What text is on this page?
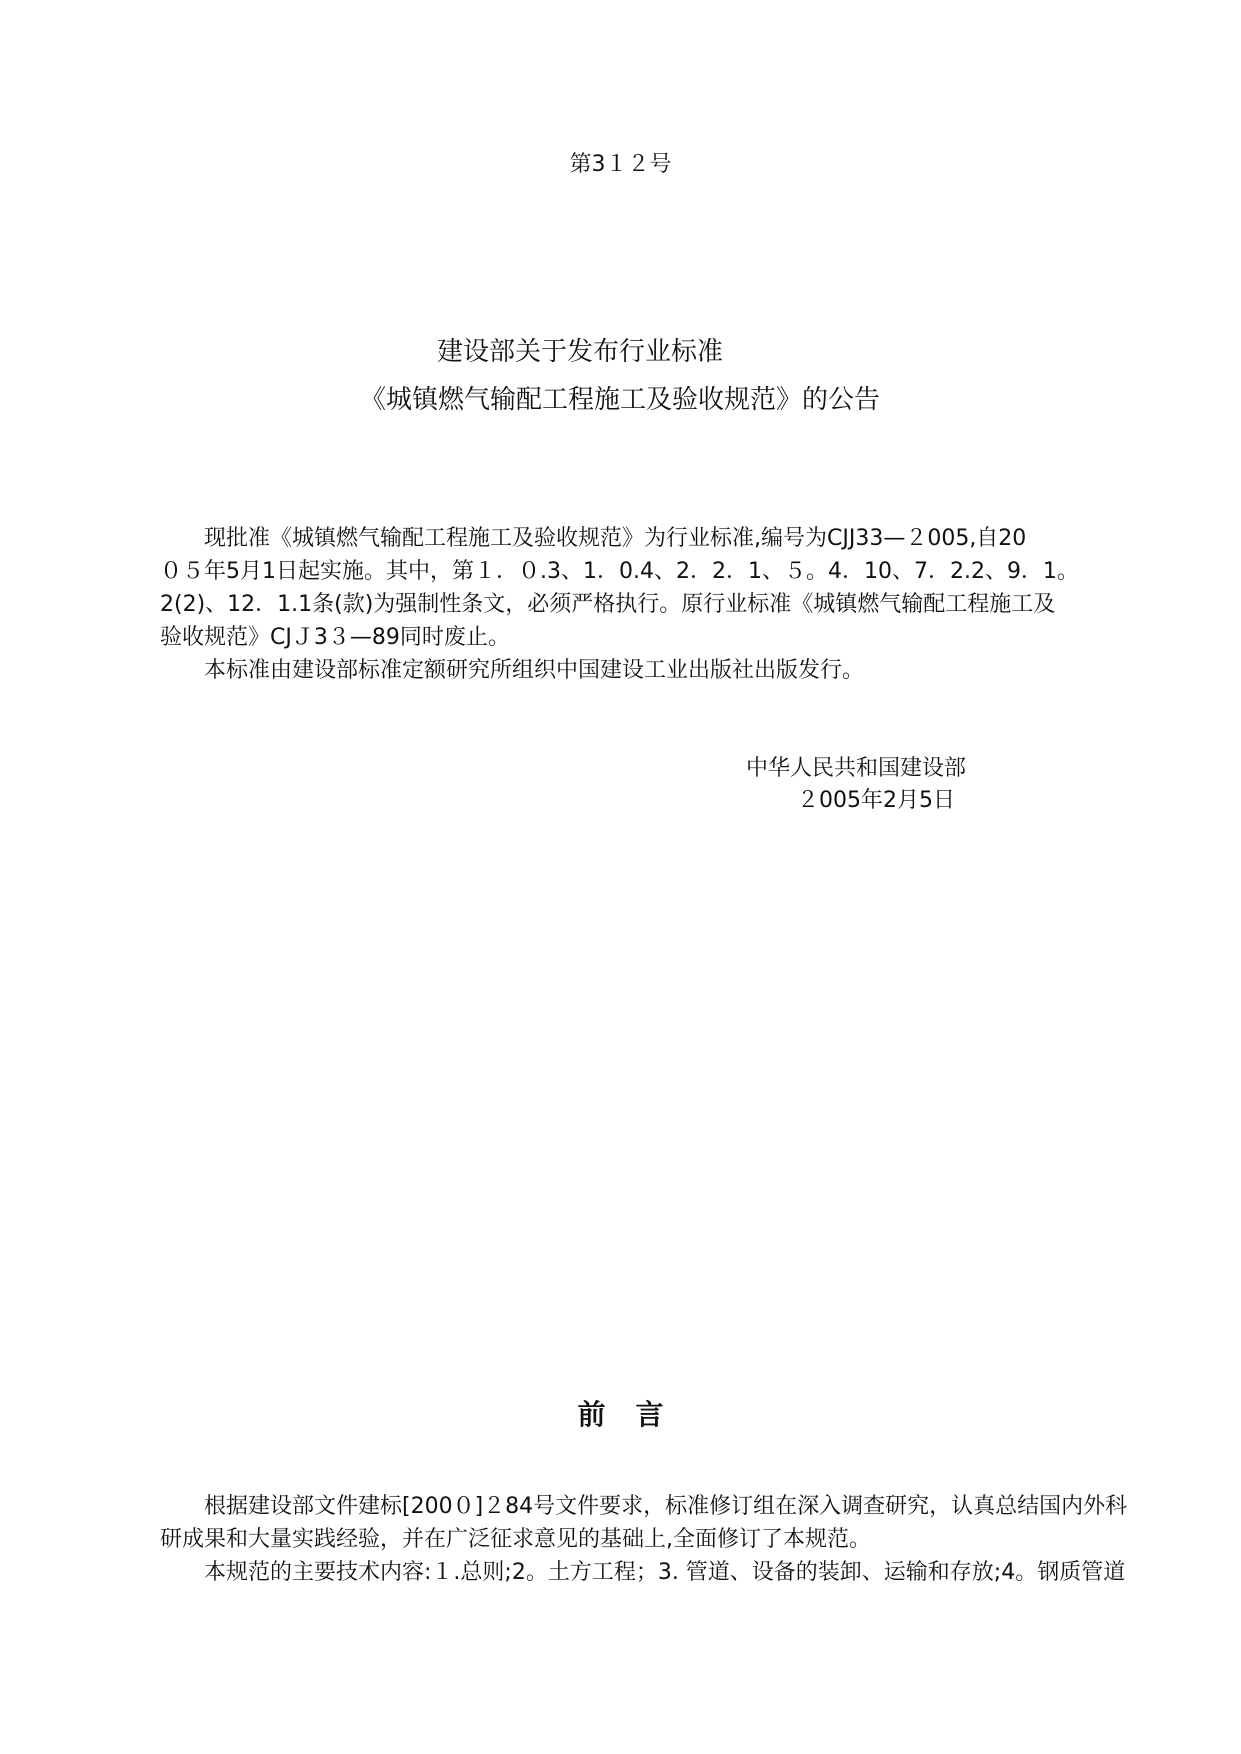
第3１２号
建设部关于发布行业标准
《城镇燃气输配工程施工及验收规范》的公告
　　现批准《城镇燃气输配工程施工及验收规范》为行业标准,编号为CJJ33—２005,自20
０５年5月1日起实施。其中，第１．０.3、1．0.4、2．2．1、５。4．10、7．2.2、9．1。
2(2)、12．1.1条(款)为强制性条文，必须严格执行。原行业标准《城镇燃气输配工程施工及
验收规范》CJＪ3３—89同时废止。
　　本标准由建设部标准定额研究所组织中国建设工业出版社出版发行。
中华人民共和国建设部
２005年2月5日
前言
　　根据建设部文件建标[200０]２84号文件要求，标准修订组在深入调查研究，认真总结国内外科
研成果和大量实践经验，并在广泛征求意见的基础上,全面修订了本规范。
　　本规范的主要技术内容:１.总则;2。土方工程；3. 管道、设备的装卸、运输和存放;4。钢质管道
